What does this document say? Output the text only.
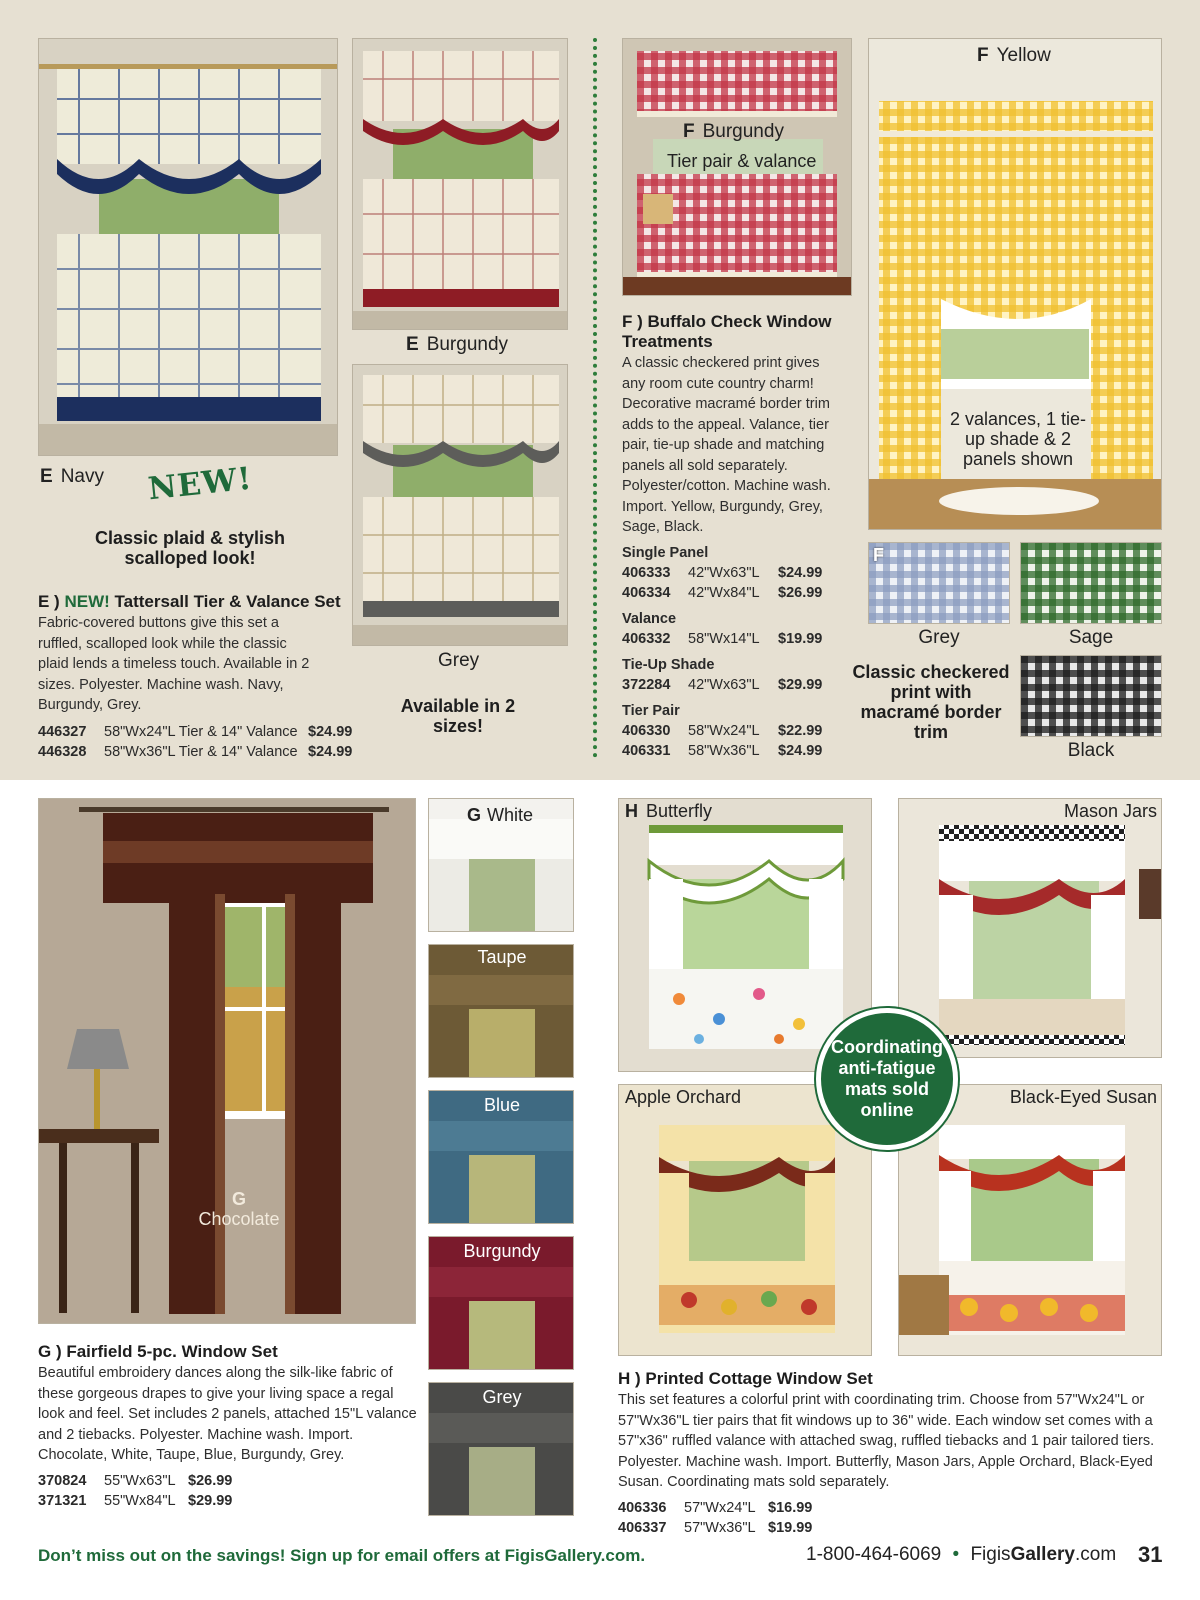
E Burgundy
Grey
E Navy NEW!
Classic plaid & stylish scalloped look!
Available in 2 sizes!
E ) NEW! Tattersall Tier & Valance Set
Fabric-covered buttons give this set a ruffled, scalloped look while the classic plaid lends a timeless touch. Available in 2 sizes. Polyester. Machine wash. Navy, Burgundy, Grey.
446327	58"Wx24"L Tier & 14" Valance $24.99
446328	58"Wx36"L Tier & 14" Valance $24.99
F Burgundy
Tier pair & valance
F Yellow
2 valances, 1 tie-up shade & 2 panels shown
F ) Buffalo Check Window Treatments
A classic checkered print gives any room cute country charm! Decorative macramé border trim adds to the appeal. Valance, tier pair, tie-up shade and matching panels all sold separately. Polyester/cotton. Machine wash. Import. Yellow, Burgundy, Grey, Sage, Black.
Single Panel
406333	42"Wx63"L	$24.99
406334	42"Wx84"L	$26.99
Valance
406332	58"Wx14"L	$19.99
Tie-Up Shade
372284	42"Wx63"L	$29.99
Tier Pair
406330	58"Wx24"L	$22.99
406331	58"Wx36"L	$24.99
F
Grey	Sage
Black
Classic checkered print with macramé border trim
G
Chocolate
G White
Taupe
Blue
Burgundy
Grey
G ) Fairfield 5-pc. Window Set
Beautiful embroidery dances along the silk-like fabric of these gorgeous drapes to give your living space a regal look and feel. Set includes 2 panels, attached 15"L valance and 2 tiebacks. Polyester. Machine wash. Import. Chocolate, White, Taupe, Blue, Burgundy, Grey.
370824	55"Wx63"L $26.99
371321	55"Wx84"L $29.99
H Butterfly	Mason Jars
Apple Orchard	Black-Eyed Susan
Coordinating anti-fatigue mats sold online
H ) Printed Cottage Window Set
This set features a colorful print with coordinating trim. Choose from 57"Wx24"L or 57"Wx36"L tier pairs that fit windows up to 36" wide. Each window set comes with a 57"x36" ruffled valance with attached swag, ruffled tiebacks and 1 pair tailored tiers. Polyester. Machine wash. Import. Butterfly, Mason Jars, Apple Orchard, Black-Eyed Susan. Coordinating mats sold separately.
406336	57"Wx24"L $16.99
406337	57"Wx36"L $19.99
Don’t miss out on the savings! Sign up for email offers at FigisGallery.com.	1-800-464-6069 • FigisGallery.com 31
